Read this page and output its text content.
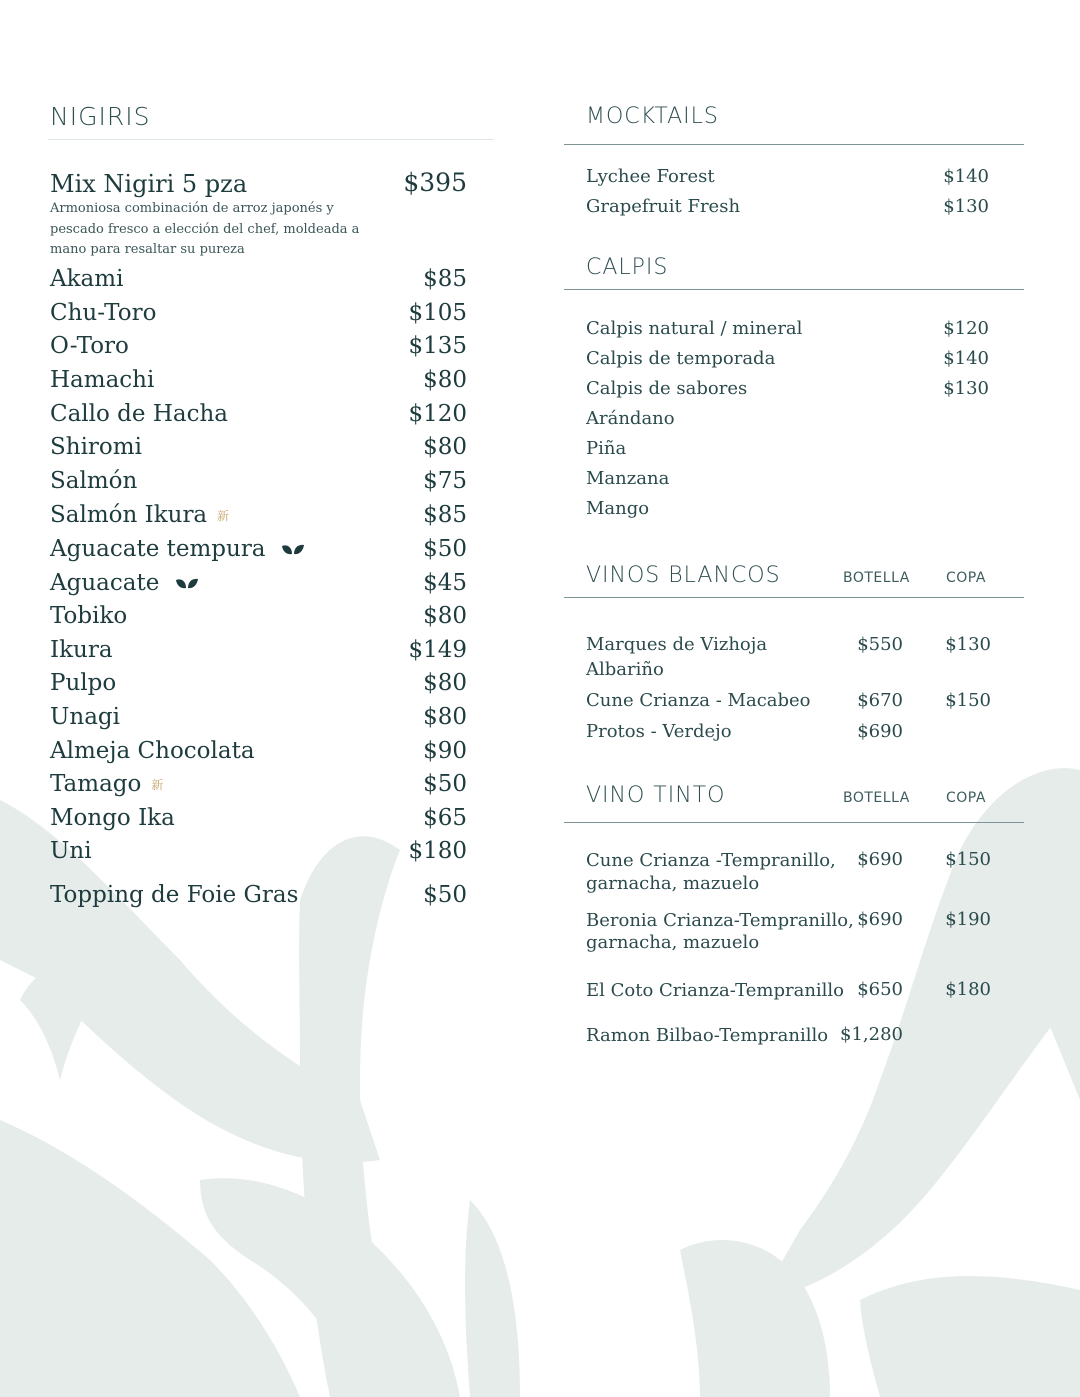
NIGIRIS
Mix Nigiri 5 pza	$395
Armoniosa combinación de arroz japonés y pescado fresco a elección del chef, moldeada a mano para resaltar su pureza
Akami	$85
Chu-Toro	$105
O-Toro	$135
Hamachi	$80
Callo de Hacha	$120
Shiromi	$80
Salmón	$75
Salmón Ikura 新	$85
Aguacate tempura	$50
Aguacate	$45
Tobiko	$80
Ikura	$149
Pulpo	$80
Unagi	$80
Almeja Chocolata	$90
Tamago 新	$50
Mongo Ika	$65
Uni	$180
Topping de Foie Gras	$50
MOCKTAILS
Lychee Forest	$140
Grapefruit Fresh	$130
CALPIS
Calpis natural / mineral	$120
Calpis de temporada	$140
Calpis de sabores	$130
Arándano
Piña
Manzana
Mango
VINOS BLANCOS	BOTELLA	COPA
Marques de Vizhoja
Albariño
$550	$130
Cune Crianza - Macabeo	$670	$150
Protos - Verdejo	$690
VINO TINTO	BOTELLA	COPA
Cune Crianza -Tempranillo,
garnacha, mazuelo
$690	$150
Beronia Crianza-Tempranillo,
garnacha, mazuelo
$690	$190
El Coto Crianza-Tempranillo $650	$180
Ramon Bilbao-Tempranillo $1,280
